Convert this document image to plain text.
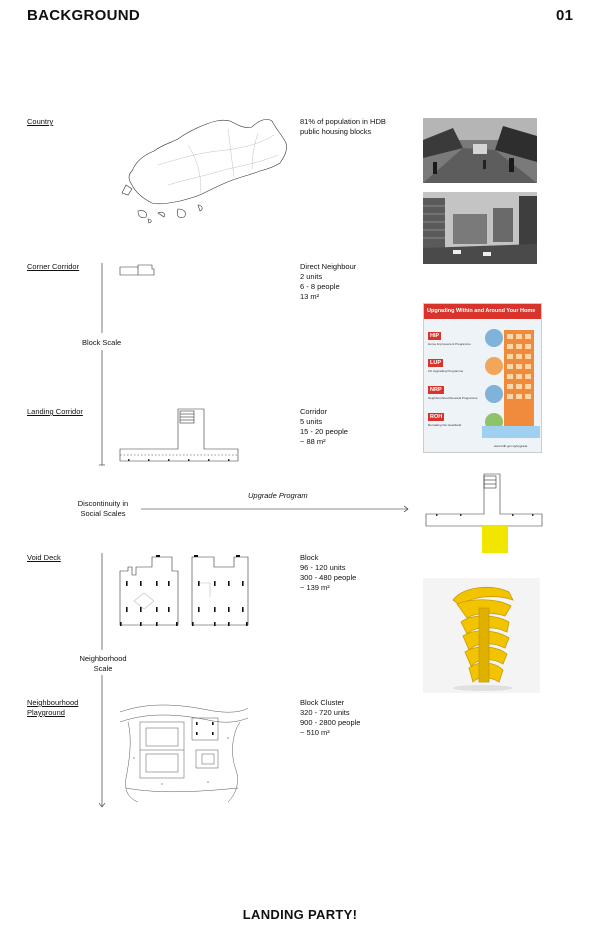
BACKGROUND	01
Country
Corner Corridor
Landing Corridor
Void Deck
Neighbourhood
Playground
81% of population in HDB
public housing blocks
Direct Neighbour
2 units
6 - 8 people
13 m²
Corridor
5 units
15 - 20 people
~ 88 m²
Block
96 - 120 units
300 - 480 people
~ 139 m²
Block Cluster
320 - 720 units
900 - 2800 people
~ 510 m²
Block Scale
Neighborhood
Scale
Discontinuity in
Social Scales
Upgrade Program
Upgrading Within and Around Your Home
HIP
Home Improvement Programme
LUP
Lift Upgrading Programme
NRP
Neighbourhood Renewal Programme
ROH
Remaking Our Heartland
www.hdb.gov.sg/upgrade
LANDING PARTY!
